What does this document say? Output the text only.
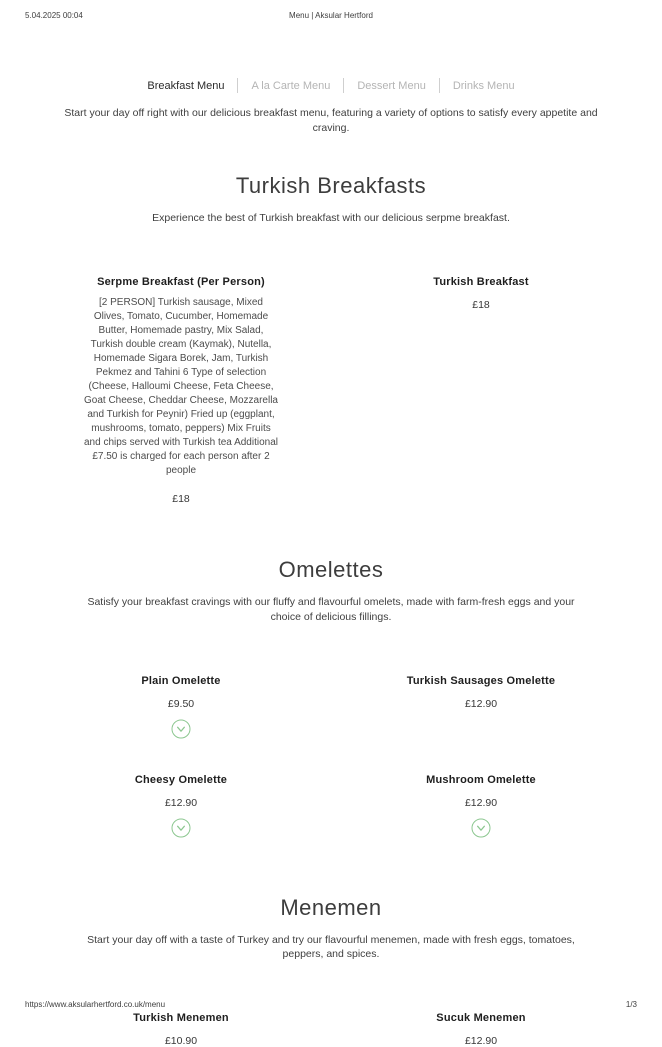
5.04.2025 00:04	Menu | Aksular Hertford
Breakfast Menu A la Carte Menu Dessert Menu Drinks Menu

Start your day off right with our delicious breakfast menu, featuring a variety of options to satisfy every appetite and craving.

Turkish Breakfasts

Experience the best of Turkish breakfast with our delicious serpme breakfast.

Serpme Breakfast (Per Person)

[2 PERSON] Turkish sausage, Mixed Olives, Tomato, Cucumber, Homemade Butter, Homemade pastry, Mix Salad, Turkish double cream (Kaymak), Nutella, Homemade Sigara Borek, Jam, Turkish Pekmez and Tahini 6 Type of selection (Cheese, Halloumi Cheese, Feta Cheese, Goat Cheese, Cheddar Cheese, Mozzarella and Turkish for Peynir) Fried up (eggplant, mushrooms, tomato, peppers) Mix Fruits and chips served with Turkish tea Additional £7.50 is charged for each person after 2 people

£18
Turkish Breakfast
£18
Omelettes

Satisfy your breakfast cravings with our fluffy and flavourful omelets, made with farm-fresh eggs and your choice of delicious fillings.

Plain Omelette
£9.50
Turkish Sausages Omelette
£12.90
Cheesy Omelette
£12.90
Mushroom Omelette
£12.90
Menemen

Start your day off with a taste of Turkey and try our flavourful menemen, made with fresh eggs, tomatoes, peppers, and spices.

Turkish Menemen
£10.90
Sucuk Menemen
£12.90
https://www.aksularhertford.co.uk/menu	1/3
